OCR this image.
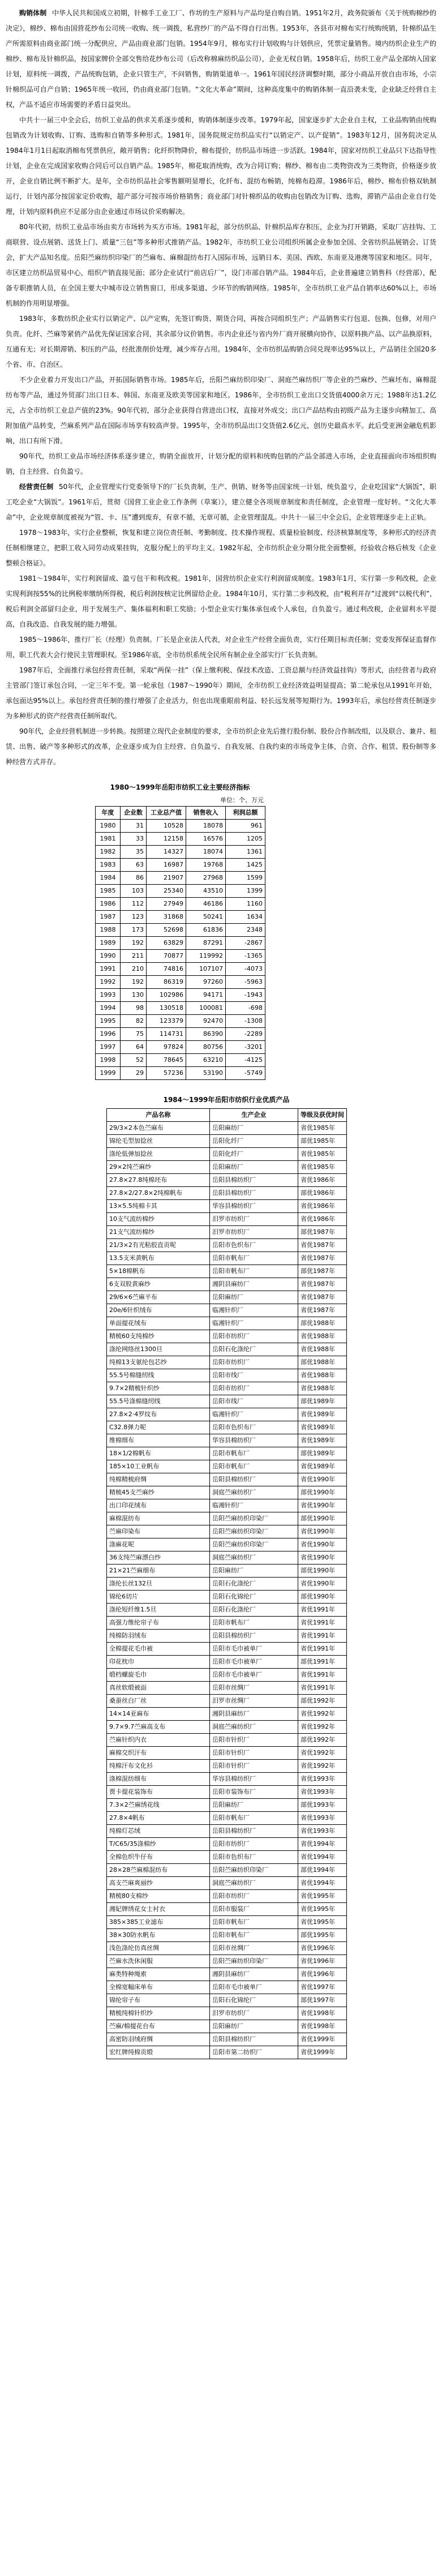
购销体制 中华人民共和国成立初期，针棉手工业工厂、作坊的生产原料与产品均是自购自销。1951年2月，政务院颁布《关于统购棉纱的决定》，棉纱、棉布由国营花纱布公司统一收购、统一调拨，私营纱厂的产品不得自行出售。1953年，各县市对棉布实行统购统销，针棉织品生产所需原料由商业部门统一分配供应，产品由商业部门包销。1954年9月，棉布实行计划收购与计划供应，凭票定量销售。境内纺织企业生产的棉纱、棉布及针棉织品，按国家牌价全部交售给花纱布公司（后改称棉麻纺织品公司），企业无权自销。1958年后，纺织工业产品全部纳入国家计划，原料统一调拨，产品统购包销，企业只管生产，不问销售，购销渠道单一。1961年国民经济调整时期，部分小商品开放自由市场，小宗针棉织品可自产自销；1965年统一收回，仍由商业部门包销。“文化大革命”期间，这种高度集中的购销体制一直沿袭未变，企业缺乏经营自主权，产品不适应市场需要的矛盾日益突出。

中共十一届三中全会后，纺织工业品的供求关系逐步缓和，购销体制逐步改革。1979年起，国家逐步扩大企业自主权，工业品购销由统购包销改为计划收购、订购、选购和自销等多种形式。1981年，国务院规定纺织品实行“以销定产、以产促销”。1983年12月，国务院决定从1984年1月1日起取消棉布凭票供应，敞开销售；化纤织物降价，棉布提价，纺织品市场进一步活跃。1984年，国家对纺织工业品只下达指导性计划，企业在完成国家收购合同后可以自销产品。1985年，棉花取消统购，改为合同订购；棉纱、棉布由二类物资改为三类物资，价格逐步放开，企业自销比例不断扩大。是年，全市纺织品社会零售额明显增长，化纤布、混纺布畅销，纯棉布趋滞。1986年后，棉纱、棉布价格双轨制运行，计划内部分按国家定价收购，超产部分可按市场价格销售；商业部门对针棉织品的收购由包销改为订购、选购，滞销产品由企业自行处理，计划内原料供应不足部分由企业通过市场议价采购解决。

80年代初，纺织工业品市场由卖方市场转为买方市场。1981年起，部分纺织品、针棉织品库存积压，企业为打开销路，采取厂店挂钩、工商联营、设点展销、送货上门、质量“三包”等多种形式推销产品。1982年，市纺织工业公司组织所属企业参加全国、全省纺织品展销会、订货会，扩大产品知名度。岳阳苎麻纺织印染厂的苎麻布、麻棉混纺布打入国际市场，远销日本、美国、西欧、东南亚及港澳等国家和地区。同年，市区建立纺织品贸易中心，组织产销直接见面；部分企业试行“前店后厂”，设门市部自销产品。1984年后，企业普遍建立销售科（经营部），配备专职推销人员，在全国主要大中城市设立销售窗口，形成多渠道、少环节的购销网络。1985年，全市纺织工业产品自销率达60%以上，市场机制的作用明显增强。

1983年，多数纺织企业实行以销定产、以产定购，先签订购货、期货合同，再按合同组织生产；产品销售实行包退、包换、包修，对用户负责。化纤、苎麻等紧俏产品优先保证国家合同，其余部分议价销售。市内企业还与省内外厂商开展横向协作，以原料换产品、以产品换原料，互通有无；对长期滞销、积压的产品，经批准削价处理，减少库存占用。1984年，全市纺织品购销合同兑现率达95%以上，产品销往全国20多个省、市、自治区。

不少企业着力开发出口产品，开拓国际销售市场。1985年后，岳阳苎麻纺织印染厂、洞庭苎麻纺织厂等企业的苎麻纱、苎麻坯布、麻棉混纺布等产品，通过外贸部门出口日本、韩国、东南亚及欧美等国家和地区。1986年，全市纺织工业出口交货值4000余万元；1988年达1.2亿元，占全市纺织工业总产值的23%。90年代初，部分企业获得自营进出口权，直接对外成交；出口产品结构由初级产品为主逐步向精加工、高附加值产品转变，苎麻系列产品在国际市场享有较高声誉。1995年，全市纺织品出口交货值2.6亿元，创历史最高水平。此后受亚洲金融危机影响，出口有所下滑。

90年代，纺织工业品市场经济体系逐步建立，购销全面放开，计划分配的原料和统购包销的产品全部进入市场，企业直接面向市场组织购销，自主经营、自负盈亏。

经营责任制 50年代，企业管理实行党委领导下的厂长负责制，生产、供销、财务等由国家统一计划、统负盈亏，企业吃国家“大锅饭”，职工吃企业“大锅饭”。1961年后，贯彻《国营工业企业工作条例（草案）》，建立健全各项规章制度和责任制度，企业管理一度好转。“文化大革命”中，企业规章制度被视为“管、卡、压”遭到废弃，有章不循，无章可循，企业管理混乱。中共十一届三中全会后，企业管理逐步走上正轨。

1978～1983年，实行企业整顿，恢复和建立岗位责任制、考勤制度、技术操作规程、质量检验制度、经济核算制度等，多种形式的经济责任制相继建立，把职工收入同劳动成果挂钩，克服分配上的平均主义。1982年起，全市纺织企业分期分批全面整顿，经验收合格后核发《企业整顿合格证》。

1981～1984年，实行利润留成、盈亏包干和利改税。1981年，国营纺织企业实行利润留成制度。1983年1月，实行第一步利改税，企业实现利润按55%的比例税率缴纳所得税，税后利润按核定比例留给企业。1984年10月，实行第二步利改税，由“税利并存”过渡到“以税代利”，税后利润全部留归企业，用于发展生产、集体福利和职工奖励；小型企业实行集体承包或个人承包，自负盈亏。通过利改税，企业留利水平提高，自我改造、自我发展的能力增强。

1985～1986年，推行厂长（经理）负责制。厂长是企业法人代表，对企业生产经营全面负责，实行任期目标责任制；党委发挥保证监督作用，职工代表大会行使民主管理职权。至1986年底，全市纺织系统全民所有制企业全部实行厂长负责制。

1987年后，全面推行承包经营责任制，采取“两保一挂”（保上缴利税、保技术改造、工资总额与经济效益挂钩）等形式，由经营者与政府主管部门签订承包合同，一定三年不变。第一轮承包（1987～1990年）期间，全市纺织工业经济效益明显提高；第二轮承包从1991年开始，承包面达95%以上。承包经营责任制的推行增强了企业活力，但也出现重眼前利益、轻长远发展等短期行为。1993年后，承包经营责任制逐步为多种形式的资产经营责任制所取代。

90年代，企业经营机制进一步转换。按照建立现代企业制度的要求，全市纺织企业先后推行股份制、股份合作制改组，以及联合、兼并、租赁、出售、破产等多种形式的改革，企业逐步成为自主经营、自负盈亏、自我发展、自我约束的市场竞争主体，合资、合作、租赁、股份制等多种经营方式并存。

1980～1999年岳阳市纺织工业主要经济指标
单位：个、万元
年度	企业数	工业总产值	销售收入	利润总额
1980	31	10528	18078	961
1981	33	12158	16576	1205
1982	35	14327	18074	1361
1983	63	16987	19768	1425
1984	86	21907	27968	1599
1985	103	25340	43510	1399
1986	112	27949	46186	1160
1987	123	31868	50241	1634
1988	173	52698	61836	2348
1989	192	63829	87291	-2867
1990	211	70877	119992	-1365
1991	210	74816	107107	-4073
1992	192	86319	97260	-5963
1993	130	102986	94171	-1943
1994	98	130518	100081	-698
1995	82	123379	92470	-1308
1996	75	114731	86390	-2289
1997	64	97824	80756	-3201
1998	52	78645	63210	-4125
1999	29	57236	53190	-5749
1984～1999年岳阳市纺织行业优质产品
产品名称	生产企业	等级及获优时间
29/3×2本色苎麻布	岳阳麻纺厂	省优1985年
锦纶毛型加捻丝	岳阳化纤厂	部优1985年
涤纶低弹加捻丝	岳阳化纤厂	省优1985年
29×2纯苎麻纱	岳阳麻纺厂	省优1985年
27.8×27.8纯棉坯布	岳阳县棉纺织厂	省优1986年
27.8×2/27.8×2纯棉帆布	岳阳县棉纺织厂	部优1986年
13×5.5纯棉卡其	华容县棉纺织厂	省优1986年
10支气流纺棉纱	汨罗市纺织厂	省优1986年
21支气流纺棉纱	汨罗市纺织厂	部优1987年
21/3×2有光粘胶直贡呢	岳阳市色织布厂	省优1987年
13.5支米黄帆布	岳阳市帆布厂	省优1987年
5×18棉帆布	岳阳市帆布厂	部优1987年
6支双股黄麻纱	湘阴县麻纺厂	省优1987年
29/6×6苎麻平布	岳阳麻纺厂	省优1987年
20e/6针织绒布	临湘针织厂	省优1987年
单面提花绒布	临湘针织厂	部优1988年
精梳60支纯棉纱	岳阳市纺织厂	省优1988年
涤纶网络丝1300旦	岳阳石化涤纶厂	省优1988年
纯棉13支氨纶包芯纱	岳阳市纺织厂	部优1988年
55.5号棉缝纫线	岳阳市线厂	省优1988年
9.7×2精梳针织纱	岳阳市纺织厂	省优1988年
55.5号涤棉缝纫线	岳阳市线厂	部优1989年
27.8×2·4罗纹布	临湘针织厂	省优1989年
C32.8弹力呢	岳阳市色织布厂	省优1989年
维棉细布	华容县棉纺织厂	省优1989年
18×1/2棉帆布	岳阳市帆布厂	部优1989年
185×10工业帆布	岳阳市帆布厂	省优1989年
纯棉精梳府绸	岳阳县棉纺织厂	省优1990年
精梳45支苎麻纱	洞庭苎麻纺织厂	部优1990年
出口印花绒布	临湘针织厂	省优1990年
麻棉混纺布	岳阳苎麻纺织印染厂	部优1990年
苎麻印染布	岳阳苎麻纺织印染厂	省优1990年
涤麻花呢	岳阳苎麻纺织印染厂	省优1990年
36支纯苎麻漂白纱	洞庭苎麻纺织厂	省优1990年
21×21苎麻细布	岳阳麻纺厂	部优1990年
涤纶长丝132旦	岳阳石化涤纶厂	省优1990年
锦纶6切片	岳阳石化锦纶厂	部优1990年
涤纶短纤维1.5旦	岳阳石化涤纶厂	省优1991年
高强力维纶帘子布	岳阳市帆布厂	省优1991年
纯棉防羽绒布	岳阳县棉纺织厂	省优1991年
全棉提花毛巾被	岳阳市毛巾被单厂	省优1991年
印花枕巾	岳阳市毛巾被单厂	部优1991年
缎档螺旋毛巾	岳阳市毛巾被单厂	省优1991年
真丝软缎被面	岳阳市丝绸厂	省优1991年
桑蚕丝白厂丝	汨罗市丝绸厂	部优1992年
14×14亚麻布	湘阴县麻纺厂	省优1992年
9.7×9.7苎麻高支布	洞庭苎麻纺织厂	省优1992年
苎麻针织内衣	岳阳市针织厂	部优1992年
麻棉交织汗布	岳阳市针织厂	省优1992年
纯棉汗布文化衫	岳阳市针织厂	省优1992年
涤棉混纺细布	华容县棉纺织厂	省优1993年
贾卡提花装饰布	岳阳市装饰布厂	省优1993年
7.3×2苎麻绣花线	岳阳麻纺厂	部优1993年
27.8×4帆布	岳阳市帆布厂	省优1993年
纯棉灯芯绒	岳阳县棉纺织厂	省优1993年
T/C65/35涤棉纱	岳阳市纺织厂	省优1994年
全棉色织牛仔布	岳阳市色织布厂	省优1994年
28×28苎麻棉混纺布	岳阳苎麻纺织印染厂	部优1994年
高支苎麻爽丽纱	洞庭苎麻纺织厂	省优1994年
精梳80支棉纱	岳阳市纺织厂	省优1995年
湘妃牌绣花女士衬衣	岳阳市服装厂	省优1995年
385×385工业滤布	岳阳市帆布厂	省优1995年
38×30防水帆布	岳阳市帆布厂	部优1995年
浅色涤纶仿真丝绸	岳阳市丝绸厂	省优1996年
苎麻水洗休闲服	岳阳苎麻纺织印染厂	省优1996年
麻类特种绳索	湘阴县麻纺厂	省优1996年
全棉宽幅床单布	岳阳市毛巾被单厂	省优1997年
锦纶帘子布	岳阳石化锦纶厂	部优1997年
精梳纯棉针织纱	汨罗市纺织厂	省优1998年
苎麻/棉提花台布	岳阳麻纺厂	省优1998年
高密防羽绒府绸	岳阳县棉纺织厂	省优1999年
宏红牌纯棉贡缎	岳阳市第二纺织厂	省优1999年
